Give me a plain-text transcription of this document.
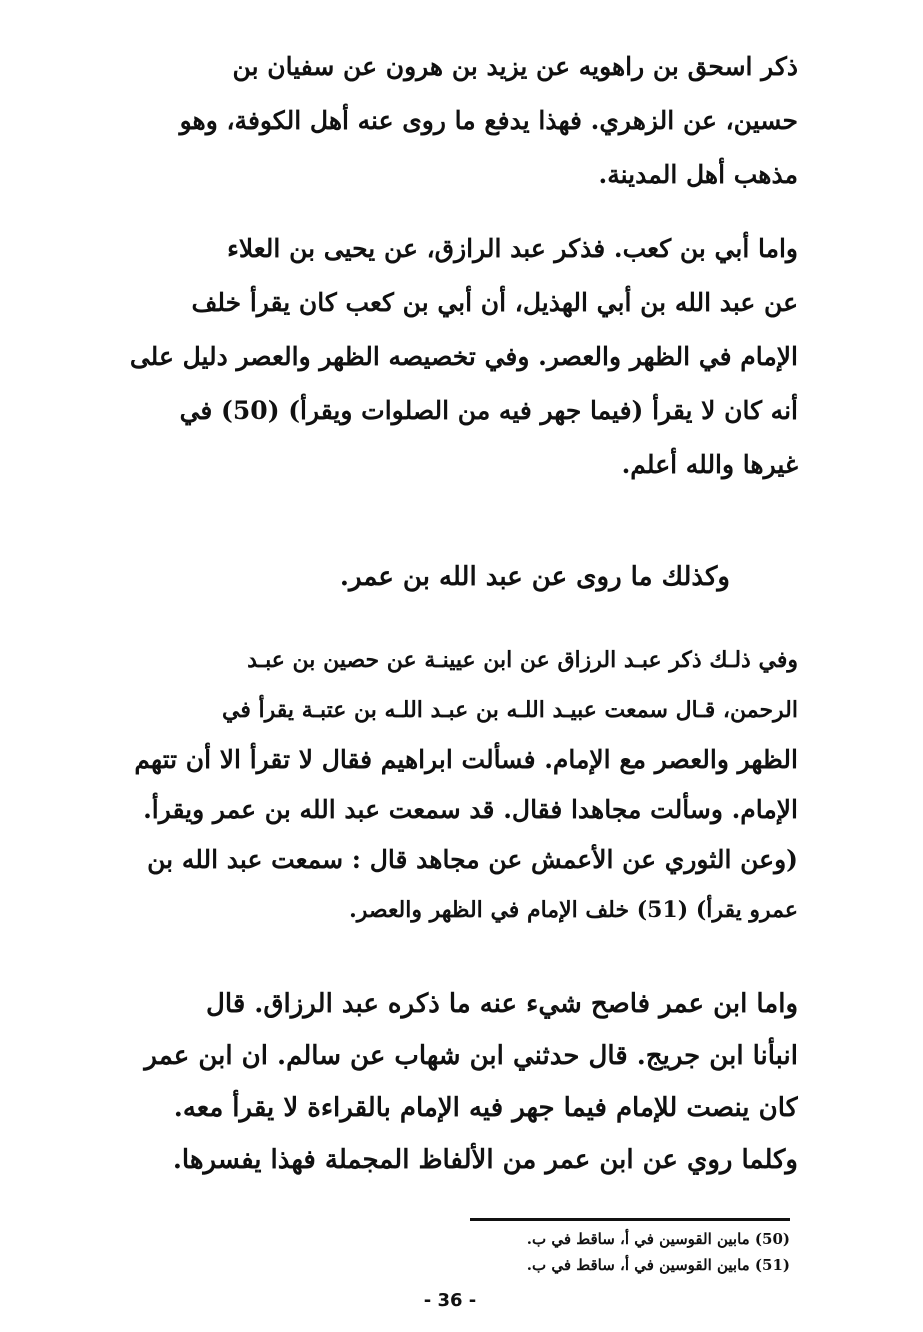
ذكر اسحق بن راهويه عن يزيد بن هرون عن سفيان بن
حسين، عن الزهري. فهذا يدفع ما روى عنه أهل الكوفة، وهو
مذهب أهل المدينة.
واما أبي بن كعب. فذكر عبد الرازق، عن يحيى بن العلاء
عن عبد الله بن أبي الهذيل، أن أبي بن كعب كان يقرأ خلف
الإمام في الظهر والعصر. وفي تخصيصه الظهر والعصر دليل على
أنه كان لا يقرأ (فيما جهر فيه من الصلوات ويقرأ) (50) في
غيرها والله أعلم.
وكذلك ما روى عن عبد الله بن عمر.
وفي ذلـك ذكر عبـد الرزاق عن ابن عيينـة عن حصين بن عبـد
الرحمن، قـال سمعت عبيـد اللـه بن عبـد اللـه بن عتبـة يقرأ في
الظهر والعصر مع الإمام. فسألت ابراهيم فقال لا تقرأ الا أن تتهم
الإمام. وسألت مجاهدا فقال. قد سمعت عبد الله بن عمر ويقرأ.
(وعن الثوري عن الأعمش عن مجاهد قال : سمعت عبد الله بن
عمرو يقرأ) (51) خلف الإمام في الظهر والعصر.
واما ابن عمر فاصح شيء عنه ما ذكره عبد الرزاق. قال
انبأنا ابن جريج. قال حدثني ابن شهاب عن سالم. ان ابن عمر
كان ينصت للإمام فيما جهر فيه الإمام بالقراءة لا يقرأ معه.
وكلما روي عن ابن عمر من الألفاظ المجملة فهذا يفسرها.
(50) مابين القوسين في أ، ساقط في ب.
(51) مابين القوسين في أ، ساقط في ب.
- 36 -
